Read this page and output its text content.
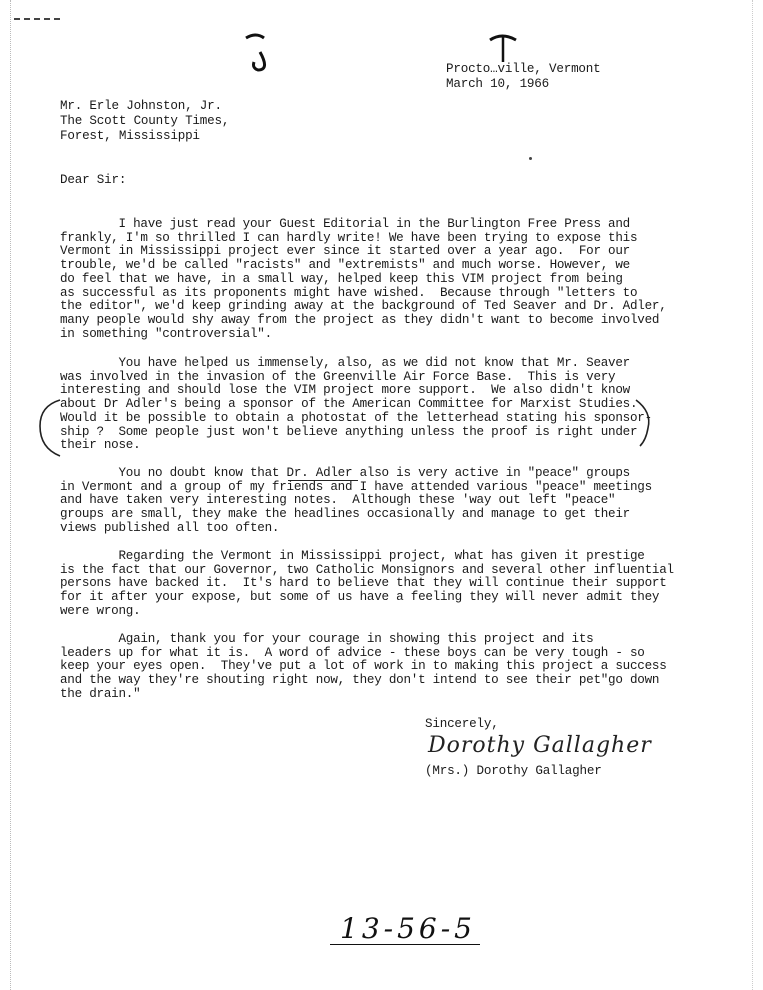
Procto…ville, Vermont
March 10, 1966
Mr. Erle Johnston, Jr.
The Scott County Times,
Forest, Mississippi
Dear Sir:
I have just read your Guest Editorial in the Burlington Free Press and
frankly, I'm so thrilled I can hardly write! We have been trying to expose this
Vermont in Mississippi project ever since it started over a year ago.  For our
trouble, we'd be called "racists" and "extremists" and much worse. However, we
do feel that we have, in a small way, helped keep this VIM project from being
as successful as its proponents might have wished.  Because through "letters to
the editor", we'd keep grinding away at the background of Ted Seaver and Dr. Adler,
many people would shy away from the project as they didn't want to become involved
in something "controversial".
You have helped us immensely, also, as we did not know that Mr. Seaver
was involved in the invasion of the Greenville Air Force Base.  This is very
interesting and should lose the VIM project more support.  We also didn't know
about Dr Adler's being a sponsor of the American Committee for Marxist Studies.
Would it be possible to obtain a photostat of the letterhead stating his sponsor-
ship ?  Some people just won't believe anything unless the proof is right under
their nose.
You no doubt know that Dr. Adler also is very active in "peace" groups
in Vermont and a group of my friends and I have attended various "peace" meetings
and have taken very interesting notes.  Although these 'way out left "peace"
groups are small, they make the headlines occasionally and manage to get their
views published all too often.
Regarding the Vermont in Mississippi project, what has given it prestige
is the fact that our Governor, two Catholic Monsignors and several other influential
persons have backed it.  It's hard to believe that they will continue their support
for it after your expose, but some of us have a feeling they will never admit they
were wrong.
Again, thank you for your courage in showing this project and its
leaders up for what it is.  A word of advice - these boys can be very tough - so
keep your eyes open.  They've put a lot of work in to making this project a success
and the way they're shouting right now, they don't intend to see their pet"go down
the drain."
Sincerely,
Dorothy Gallagher
(Mrs.) Dorothy Gallagher
13-56-5
